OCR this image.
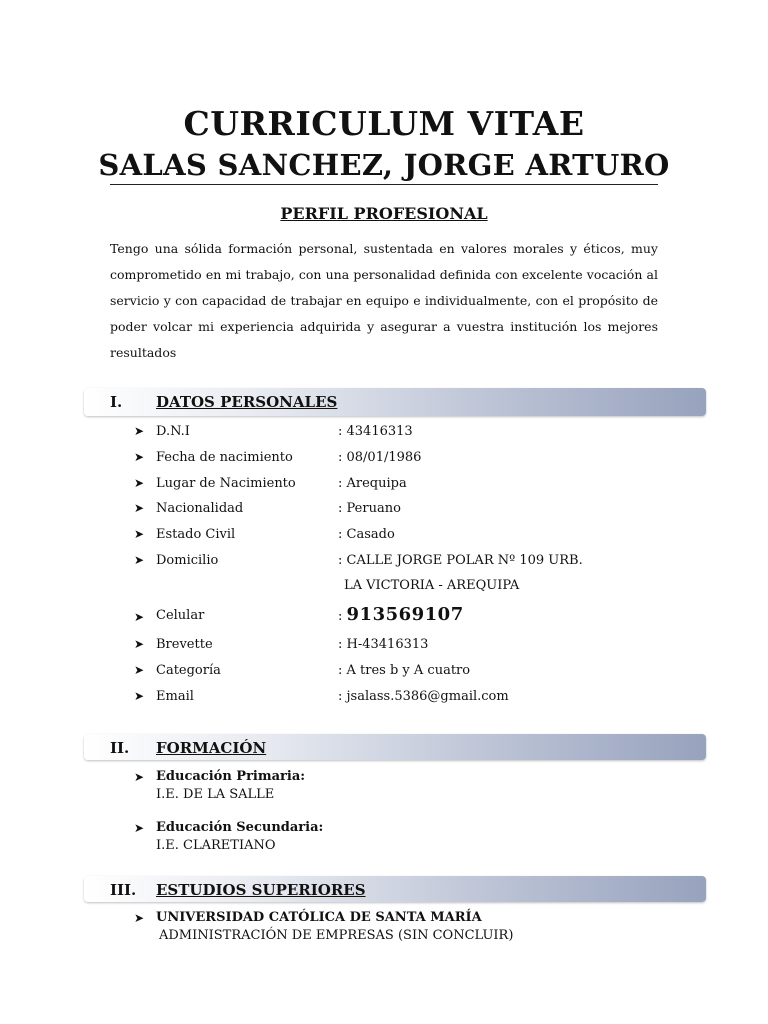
CURRICULUM VITAE
SALAS SANCHEZ, JORGE ARTURO
PERFIL PROFESIONAL
Tengo una sólida formación personal, sustentada en valores morales y éticos, muy comprometido en mi trabajo, con una personalidad definida con excelente vocación al servicio y con capacidad de trabajar en equipo e individualmente, con el propósito de poder volcar mi experiencia adquirida y asegurar a vuestra institución los mejores resultados
I. DATOS PERSONALES
➤ D.N.I	: 43416313
➤ Fecha de nacimiento	: 08/01/1986
➤ Lugar de Nacimiento	: Arequipa
➤ Nacionalidad	: Peruano
➤ Estado Civil	: Casado
➤ Domicilio	: CALLE JORGE POLAR Nº 109 URB.
LA VICTORIA - AREQUIPA
➤ Celular	: 913569107
➤ Brevette	: H-43416313
➤ Categoría	: A tres b y A cuatro
➤ Email	: jsalass.5386@gmail.com
II. FORMACIÓN
➤ Educación Primaria:
I.E. DE LA SALLE
➤ Educación Secundaria:
I.E. CLARETIANO
III. ESTUDIOS SUPERIORES
➤ UNIVERSIDAD CATÓLICA DE SANTA MARÍA
ADMINISTRACIÓN DE EMPRESAS (SIN CONCLUIR)
